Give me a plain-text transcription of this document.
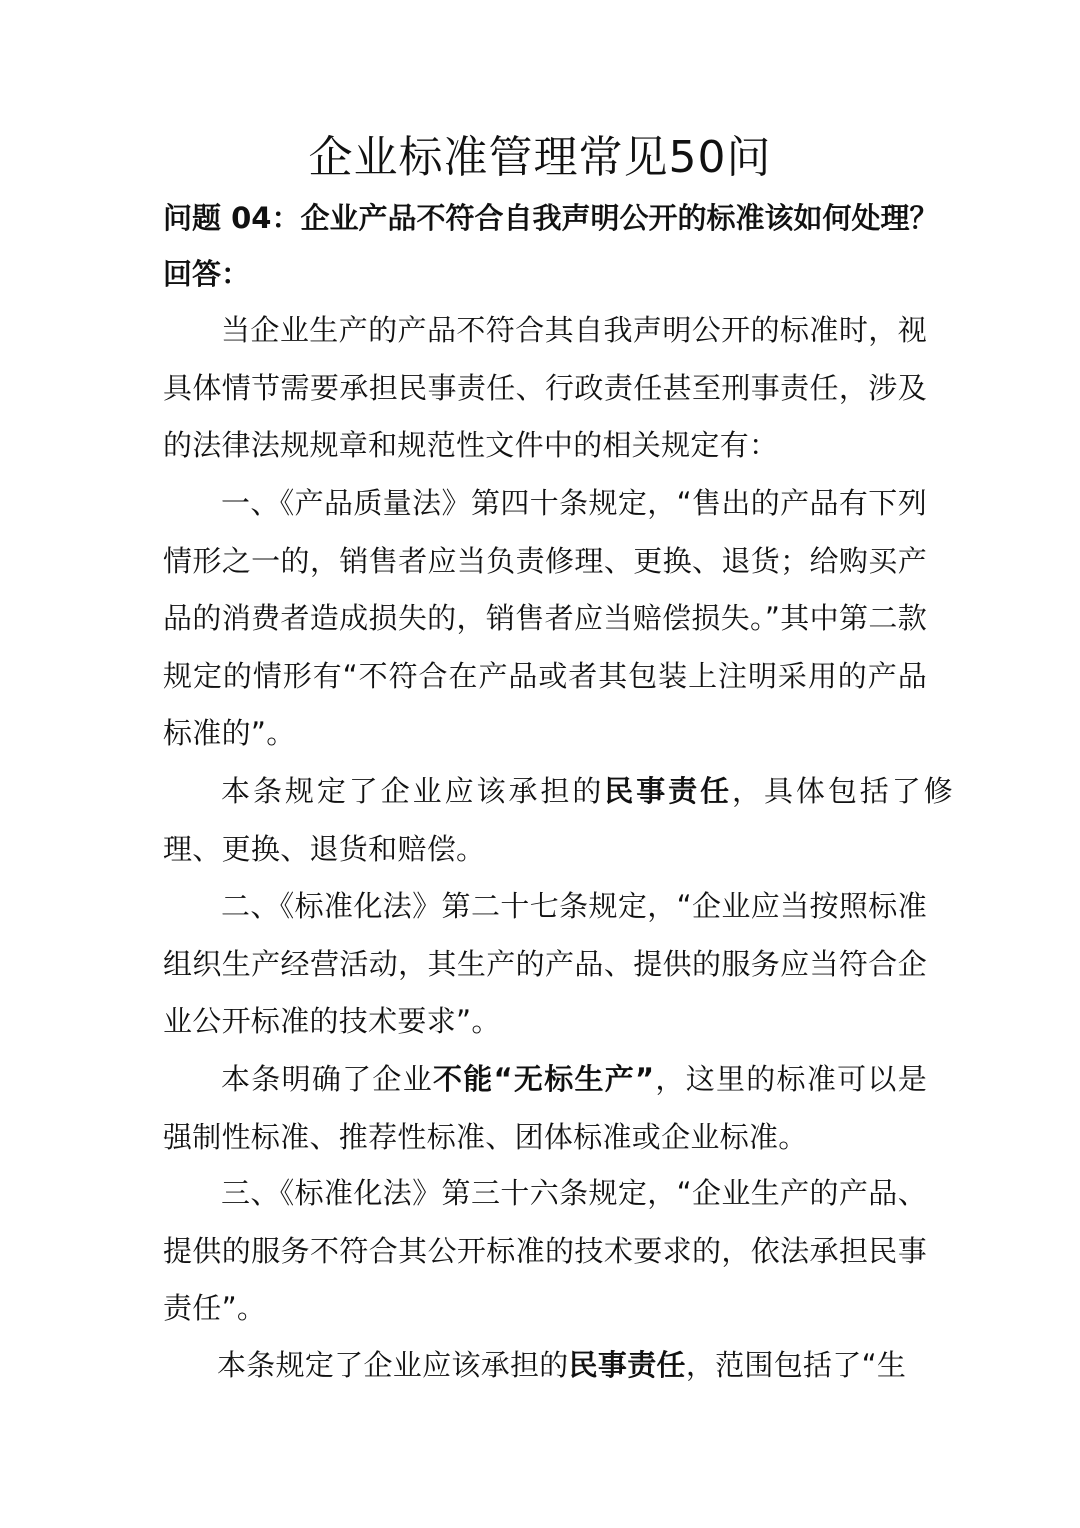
企业标准管理常见50问

问题 04：企业产品不符合自我声明公开的标准该如何处理？

回答：

当企业生产的产品不符合其自我声明公开的标准时，视具体情节需要承担民事责任、行政责任甚至刑事责任，涉及的法律法规规章和规范性文件中的相关规定有：

一、《产品质量法》第四十条规定，“售出的产品有下列情形之一的，销售者应当负责修理、更换、退货；给购买产品的消费者造成损失的，销售者应当赔偿损失。”其中第二款规定的情形有“不符合在产品或者其包装上注明采用的产品标准的”。

本条规定了企业应该承担的民事责任，具体包括了修理、更换、退货和赔偿。

二、《标准化法》第二十七条规定，“企业应当按照标准组织生产经营活动，其生产的产品、提供的服务应当符合企业公开标准的技术要求”。

本条明确了企业不能“无标生产”，这里的标准可以是强制性标准、推荐性标准、团体标准或企业标准。

三、《标准化法》第三十六条规定，“企业生产的产品、提供的服务不符合其公开标准的技术要求的，依法承担民事责任”。

本条规定了企业应该承担的民事责任，范围包括了“生
